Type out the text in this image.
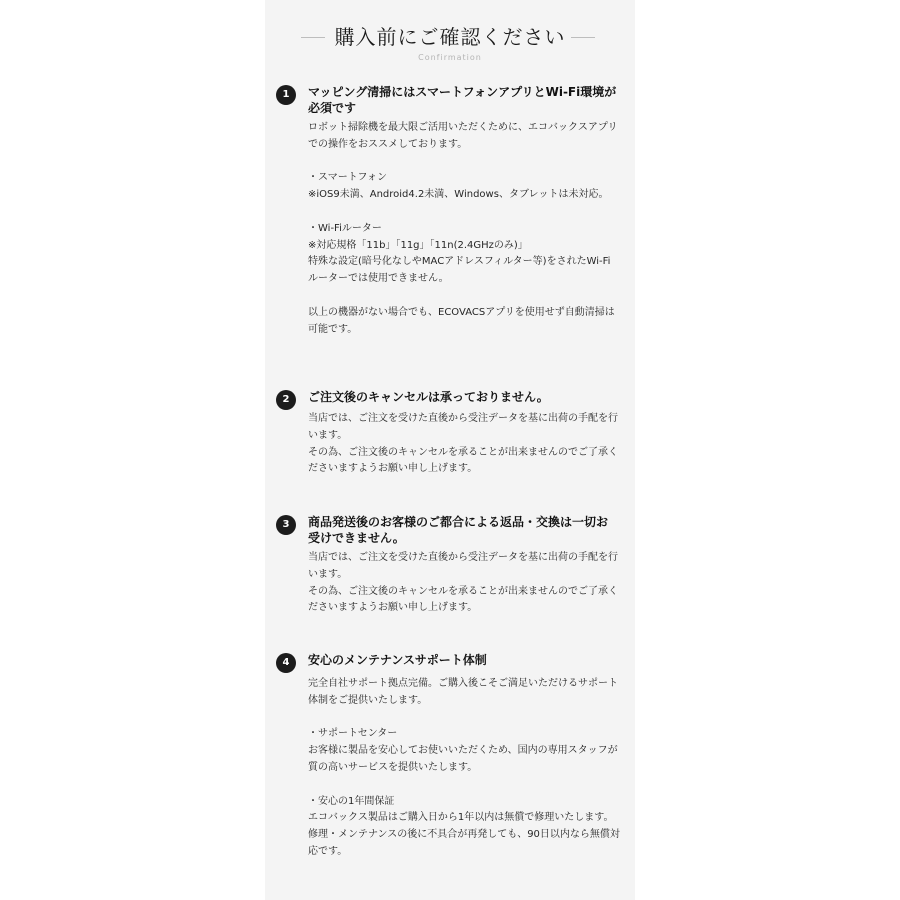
購入前にご確認ください
Confirmation
1	マッピング清掃にはスマートフォンアプリとWi-Fi環境が必須です
ロボット掃除機を最大限ご活用いただくために、エコバックスアプリでの操作をおススメしております。

・スマートフォン
※iOS9未満、Android4.2未満、Windows、タブレットは未対応。

・Wi-Fiルーター
※対応規格「11b」「11g」「11n(2.4GHzのみ)」
特殊な設定(暗号化なしやMACアドレスフィルター等)をされたWi-Fiルーターでは使用できません。

以上の機器がない場合でも、ECOVACSアプリを使用せず自動清掃は可能です。
2	ご注文後のキャンセルは承っておりません。
当店では、ご注文を受けた直後から受注データを基に出荷の手配を行います。
その為、ご注文後のキャンセルを承ることが出来ませんのでご了承くださいますようお願い申し上げます。
3	商品発送後のお客様のご都合による返品・交換は一切お受けできません。
当店では、ご注文を受けた直後から受注データを基に出荷の手配を行います。
その為、ご注文後のキャンセルを承ることが出来ませんのでご了承くださいますようお願い申し上げます。
4	安心のメンテナンスサポート体制
完全自社サポート拠点完備。ご購入後こそご満足いただけるサポート体制をご提供いたします。

・サポートセンター
お客様に製品を安心してお使いいただくため、国内の専用スタッフが質の高いサービスを提供いたします。

・安心の1年間保証
エコバックス製品はご購入日から1年以内は無償で修理いたします。
修理・メンテナンスの後に不具合が再発しても、90日以内なら無償対応です。
